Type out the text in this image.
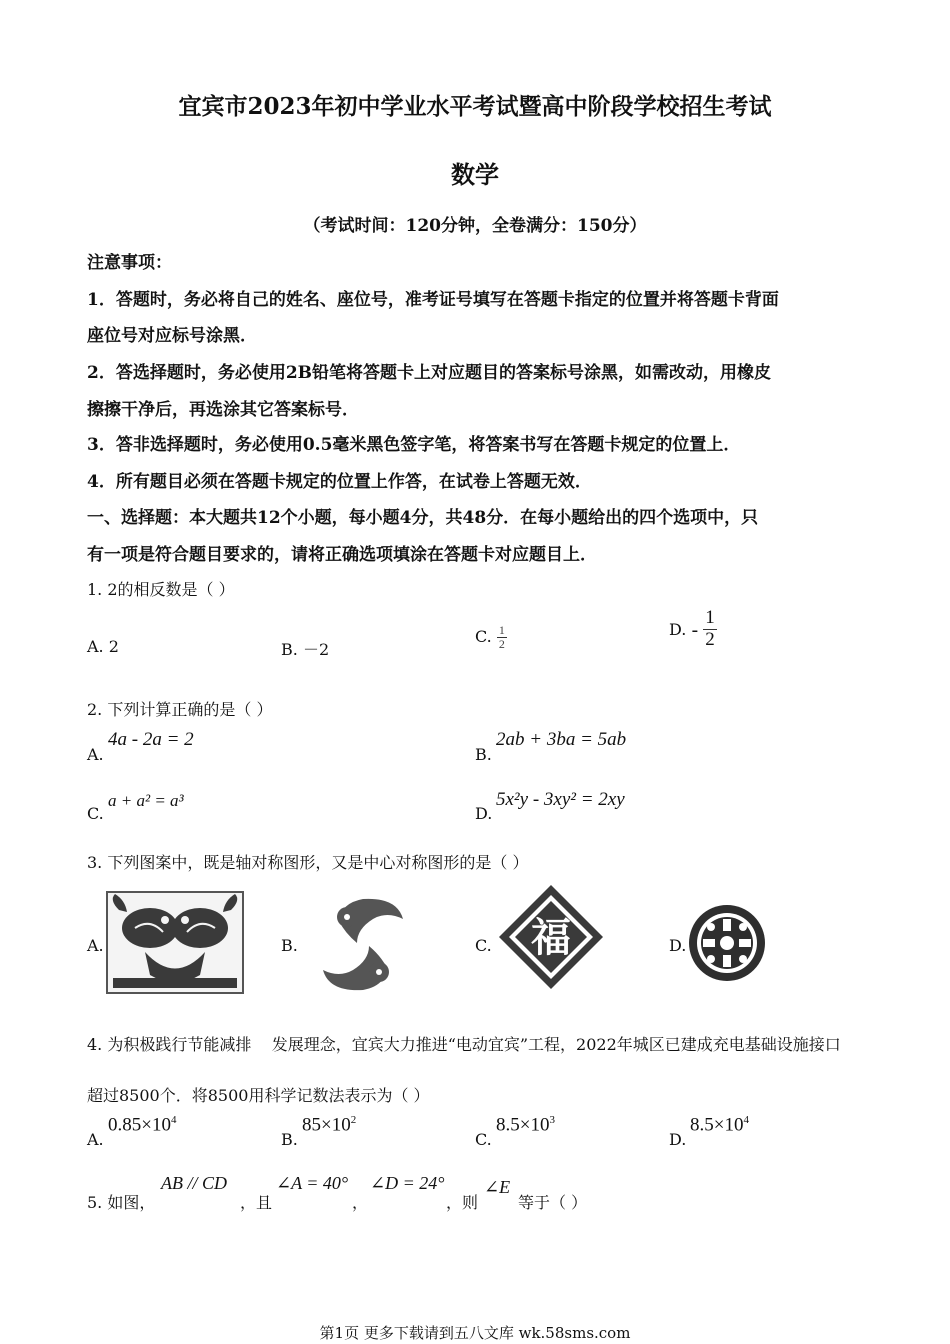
宜宾市2023年初中学业水平考试暨高中阶段学校招生考试
数学
（考试时间：120分钟，全卷满分：150分）
注意事项：
1．答题时，务必将自己的姓名、座位号，准考证号填写在答题卡指定的位置并将答题卡背面
座位号对应标号涂黑．
2．答选择题时，务必使用2B铅笔将答题卡上对应题目的答案标号涂黑，如需改动，用橡皮
擦擦干净后，再选涂其它答案标号．
3．答非选择题时，务必使用0.5毫米黑色签字笔，将答案书写在答题卡规定的位置上．
4．所有题目必须在答题卡规定的位置上作答，在试卷上答题无效．
一、选择题：本大题共12个小题，每小题4分，共48分．在每小题给出的四个选项中，只
有一项是符合题目要求的，请将正确选项填涂在答题卡对应题目上．
1. 2的相反数是（ ）
A. 2	B. －2
C. $\frac{1}{2}$	D. - $\frac{1}{2}$
2. 下列计算正确的是（ ）
A.
4a - 2a = 2
B.
2ab + 3ba = 5ab
C.
a + a² = a³
D.
5x²y - 3xy² = 2xy
3. 下列图案中，既是轴对称图形，又是中心对称图形的是（ ）
A.	B.	C. 福	D.
4. 为积极践行节能减排    发展理念，宜宾大力推进“电动宜宾”工程，2022年城区已建成充电基础设施接口
超过8500个．将8500用科学记数法表示为（ ）
A.
$0.85\times 10^4$
B.
$85\times 10^2$
C.
$8.5\times 10^3$
D.
$8.5\times 10^4$
5. 如图，
AB // CD
，且
∠A = 40°
，
∠D = 24°
，则
∠E
等于（ ）
第1页 更多下载请到五八文库 wk.58sms.com
